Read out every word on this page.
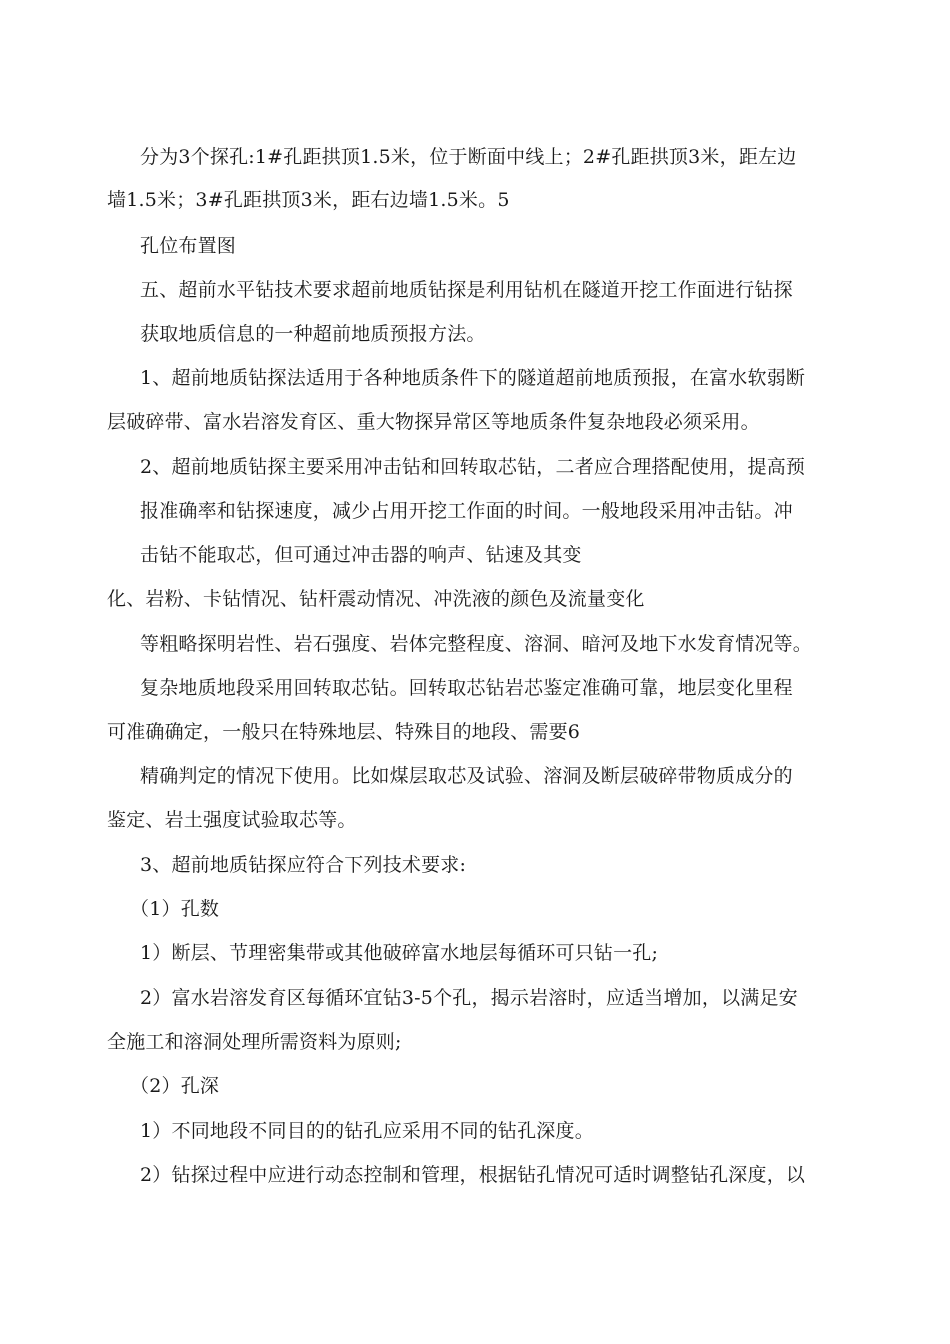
分为3个探孔:1#孔距拱顶1.5米，位于断面中线上；2#孔距拱顶3米，距左边
墙1.5米；3#孔距拱顶3米，距右边墙1.5米。5
孔位布置图
五、超前水平钻技术要求超前地质钻探是利用钻机在隧道开挖工作面进行钻探
获取地质信息的一种超前地质预报方法。
1、超前地质钻探法适用于各种地质条件下的隧道超前地质预报，在富水软弱断
层破碎带、富水岩溶发育区、重大物探异常区等地质条件复杂地段必须采用。
2、超前地质钻探主要采用冲击钻和回转取芯钻，二者应合理搭配使用，提高预
报准确率和钻探速度，减少占用开挖工作面的时间。一般地段采用冲击钻。冲
击钻不能取芯，但可通过冲击器的响声、钻速及其变
化、岩粉、卡钻情况、钻杆震动情况、冲洗液的颜色及流量变化
等粗略探明岩性、岩石强度、岩体完整程度、溶洞、暗河及地下水发育情况等。
复杂地质地段采用回转取芯钻。回转取芯钻岩芯鉴定准确可靠，地层变化里程
可准确确定，一般只在特殊地层、特殊目的地段、需要6
精确判定的情况下使用。比如煤层取芯及试验、溶洞及断层破碎带物质成分的
鉴定、岩土强度试验取芯等。
3、超前地质钻探应符合下列技术要求:
（1）孔数
1）断层、节理密集带或其他破碎富水地层每循环可只钻一孔;
2）富水岩溶发育区每循环宜钻3-5个孔，揭示岩溶时，应适当增加，以满足安
全施工和溶洞处理所需资料为原则;
（2）孔深
1）不同地段不同目的的钻孔应采用不同的钻孔深度。
2）钻探过程中应进行动态控制和管理，根据钻孔情况可适时调整钻孔深度，以
